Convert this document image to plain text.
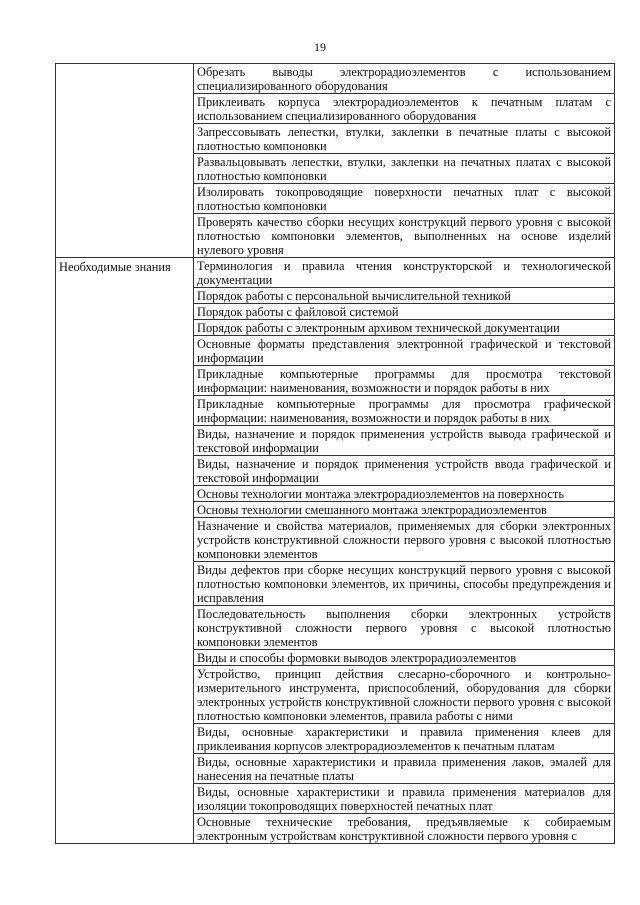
19

	Обрезать выводы электрорадиоэлементов с использованием специализированного оборудования

	Приклеивать корпуса электрорадиоэлементов к печатным платам с использованием специализированного оборудования

	Запрессовывать лепестки, втулки, заклепки в печатные платы с высокой плотностью компоновки

	Развальцовывать лепестки, втулки, заклепки на печатных платах с высокой плотностью компоновки

	Изолировать токопроводящие поверхности печатных плат с высокой плотностью компоновки

	Проверять качество сборки несущих конструкций первого уровня с высокой плотностью компоновки элементов, выполненных на основе изделий нулевого уровня

Необходимые знания	Терминология и правила чтения конструкторской и технологической документации

	Порядок работы с персональной вычислительной техникой

	Порядок работы с файловой системой

	Порядок работы с электронным архивом технической документации

	Основные форматы представления электронной графической и текстовой информации

	Прикладные компьютерные программы для просмотра текстовой информации: наименования, возможности и порядок работы в них

	Прикладные компьютерные программы для просмотра графической информации: наименования, возможности и порядок работы в них

	Виды, назначение и порядок применения устройств вывода графической и текстовой информации

	Виды, назначение и порядок применения устройств ввода графической и текстовой информации

	Основы технологии монтажа электрорадиоэлементов на поверхность

	Основы технологии смешанного монтажа электрорадиоэлементов

	Назначение и свойства материалов, применяемых для сборки электронных устройств конструктивной сложности первого уровня с высокой плотностью компоновки элементов

	Виды дефектов при сборке несущих конструкций первого уровня с высокой плотностью компоновки элементов, их причины, способы предупреждения и исправления

	Последовательность выполнения сборки электронных устройств конструктивной сложности первого уровня с высокой плотностью компоновки элементов

	Виды и способы формовки выводов электрорадиоэлементов

	Устройство, принцип действия слесарно-сборочного и контрольно-измерительного инструмента, приспособлений, оборудования для сборки электронных устройств конструктивной сложности первого уровня с высокой плотностью компоновки элементов, правила работы с ними

	Виды, основные характеристики и правила применения клеев для приклеивания корпусов электрорадиоэлементов к печатным платам

	Виды, основные характеристики и правила применения лаков, эмалей для нанесения на печатные платы

	Виды, основные характеристики и правила применения материалов для изоляции токопроводящих поверхностей печатных плат

	Основные технические требования, предъявляемые к собираемым электронным устройствам конструктивной сложности первого уровня с
